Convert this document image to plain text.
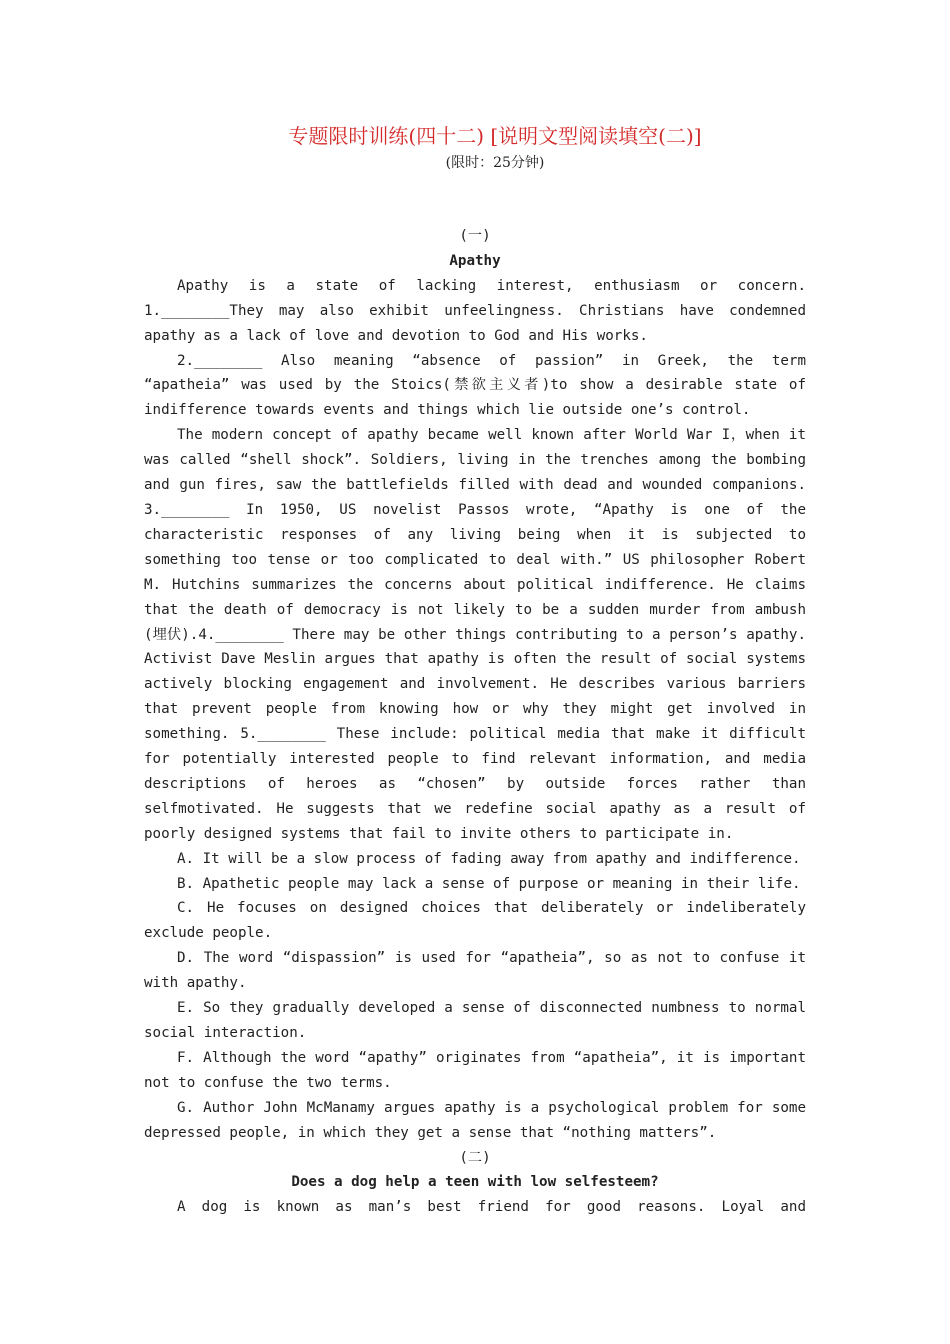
专题限时训练(四十二) [说明文型阅读填空(二)]
(限时：25分钟)

(一)

Apathy

Apathy is a state of lacking interest, enthusiasm or concern. 1.________They may also exhibit unfeelingness. Christians have condemned apathy as a lack of love and devotion to God and His works.

2.________ Also meaning “absence of passion” in Greek, the term “apatheia” was used by the Stoics(禁欲主义者)to show a desirable state of indifference towards events and things which lie outside one’s control.

The modern concept of apathy became well known after World War I，when it was called “shell shock”. Soldiers, living in the trenches among the bombing and gun fires, saw the battlefields filled with dead and wounded companions. 3.________ In 1950, US novelist Passos wrote, “Apathy is one of the characteristic responses of any living being when it is subjected to something too tense or too complicated to deal with.” US philosopher Robert M. Hutchins summarizes the concerns about political indifference. He claims that the death of democracy is not likely to be a sudden murder from ambush (埋伏).4.________ There may be other things contributing to a person’s apathy. Activist Dave Meslin argues that apathy is often the result of social systems actively blocking engagement and involvement. He describes various barriers that prevent people from knowing how or why they might get involved in something. 5.________ These include: political media that make it difficult for potentially interested people to find relevant information, and media descriptions of heroes as “chosen” by outside forces rather than selfmotivated. He suggests that we redefine social apathy as a result of poorly designed systems that fail to invite others to participate in.

A. It will be a slow process of fading away from apathy and indifference.

B. Apathetic people may lack a sense of purpose or meaning in their life.

C. He focuses on designed choices that deliberately or indeliberately exclude people.

D. The word “dispassion” is used for “apatheia”, so as not to confuse it with apathy.

E. So they gradually developed a sense of disconnected numbness to normal social interaction.

F. Although the word “apathy” originates from “apatheia”, it is important not to confuse the two terms.

G. Author John McManamy argues apathy is a psychological problem for some depressed people, in which they get a sense that “nothing matters”.

(二)

Does a dog help a teen with low selfesteem?

A dog is known as man’s best friend for good reasons. Loyal and
